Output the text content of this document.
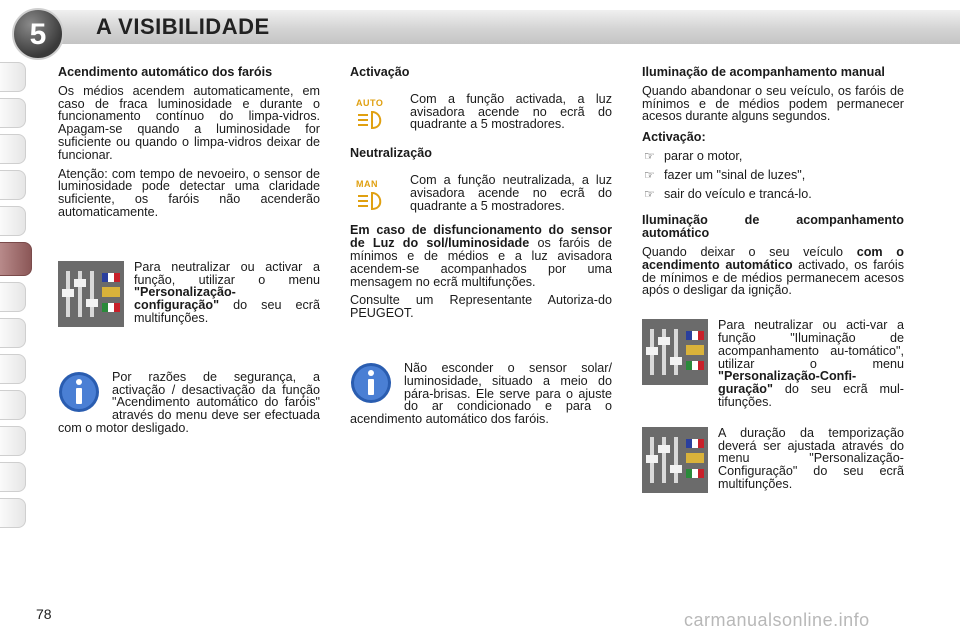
5	A VISIBILIDADE

Acendimento automático dos faróis

Os médios acendem automaticamente, em caso de fraca luminosidade e durante o funcionamento contínuo do limpa-vidros. Apagam-se quando a luminosidade for suficiente ou quando o limpa-vidros deixar de funcionar.

Atenção: com tempo de nevoeiro, o sensor de luminosidade pode detectar uma claridade suficiente, os faróis não acenderão automaticamente.

Para neutralizar ou activar a função, utilizar o menu "Personalização-configuração" do seu ecrã multifunções.
Por razões de segurança, a activação / desactivação da função "Acendimento automático do faróis" através do menu deve ser efectuada com o motor desligado.

Activação

AUTO	Com a função activada, a luz avisadora acende no ecrã do quadrante a 5 mostradores.

Neutralização

MAN	Com a função neutralizada, a luz avisadora acende no ecrã do quadrante a 5 mostradores.

Em caso de disfuncionamento do sensor de Luz do sol/luminosidade os faróis de mínimos e de médios e a luz avisadora acendem-se acompanhados por uma mensagem no ecrã multifunções.

Consulte um Representante Autoriza-do PEUGEOT.

Não esconder o sensor solar/ luminosidade, situado a meio do pára-brisas. Ele serve para o ajuste do ar condicionado e para o acendimento automático dos faróis.

Iluminação de acompanhamento manual

Quando abandonar o seu veículo, os faróis de mínimos e de médios podem permanecer acesos durante alguns segundos.

Activação:

☞ parar o motor,
☞ fazer um "sinal de luzes",
☞ sair do veículo e trancá-lo.

Iluminação de acompanhamento automático

Quando deixar o seu veículo com o acendimento automático activado, os faróis de mínimos e de médios permanecem acesos após o desligar da ignição.

Para neutralizar ou acti-var a função "Iluminação de acompanhamento au-tomático", utilizar o menu "Personalização-Confi-guração" do seu ecrã mul-tifunções.
A duração da temporização deverá ser ajustada através do menu "Personalização-Configuração" do seu ecrã multifunções.
78	carmanualsonline.info
